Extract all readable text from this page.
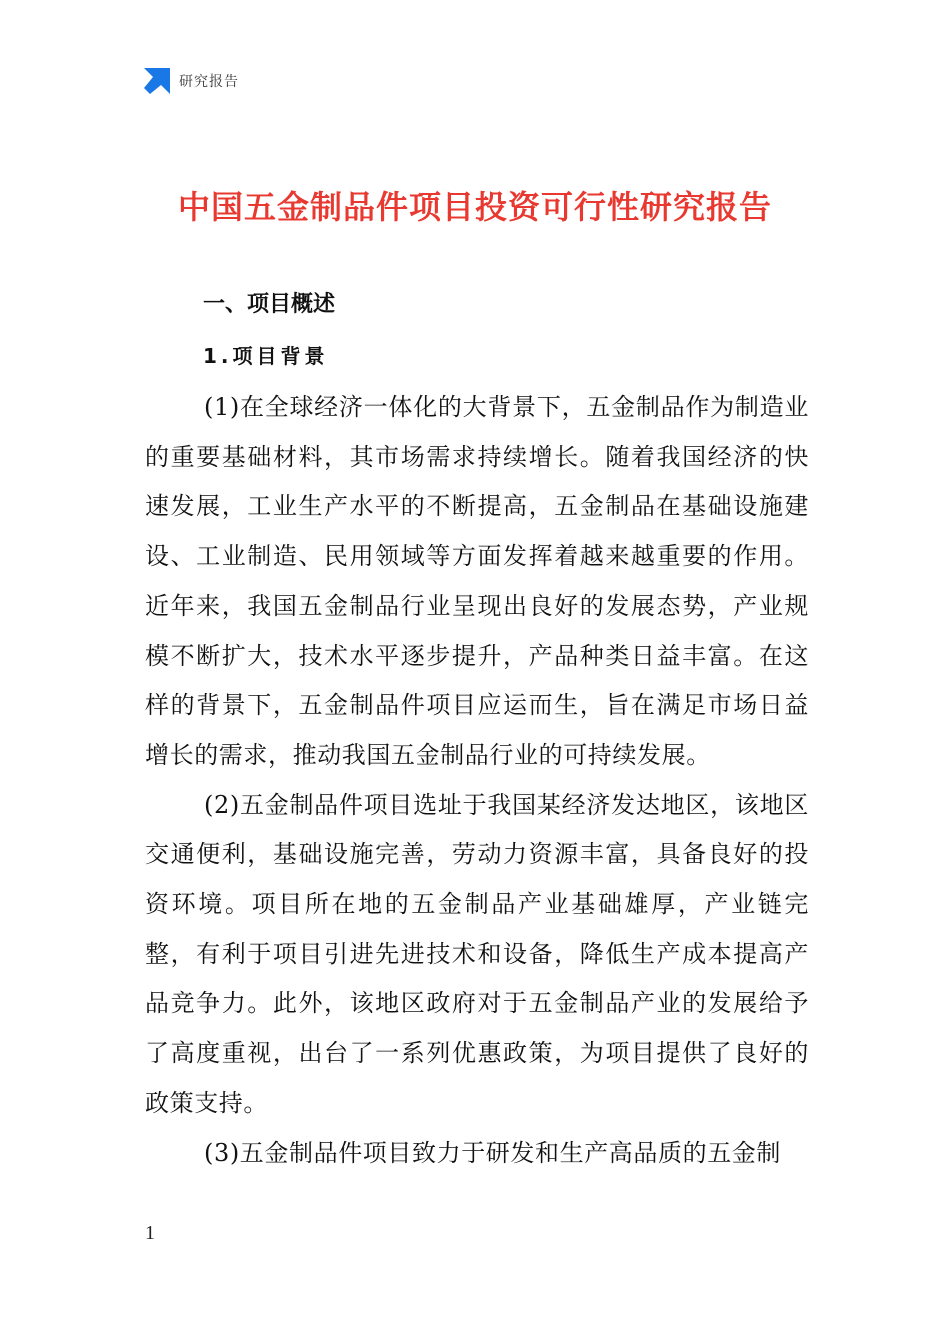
研究报告
中国五金制品件项目投资可行性研究报告
一、项目概述
1.项目背景

(1)在全球经济一体化的大背景下，五金制品作为制造业的重要基础材料，其市场需求持续增长。随着我国经济的快速发展，工业生产水平的不断提高，五金制品在基础设施建设、工业制造、民用领域等方面发挥着越来越重要的作用。近年来，我国五金制品行业呈现出良好的发展态势，产业规模不断扩大，技术水平逐步提升，产品种类日益丰富。在这样的背景下，五金制品件项目应运而生，旨在满足市场日益增长的需求，推动我国五金制品行业的可持续发展。

(2)五金制品件项目选址于我国某经济发达地区，该地区交通便利，基础设施完善，劳动力资源丰富，具备良好的投资环境。项目所在地的五金制品产业基础雄厚，产业链完整，有利于项目引进先进技术和设备，降低生产成本提高产品竞争力。此外，该地区政府对于五金制品产业的发展给予了高度重视，出台了一系列优惠政策，为项目提供了良好的政策支持。

(3)五金制品件项目致力于研发和生产高品质的五金制

1
